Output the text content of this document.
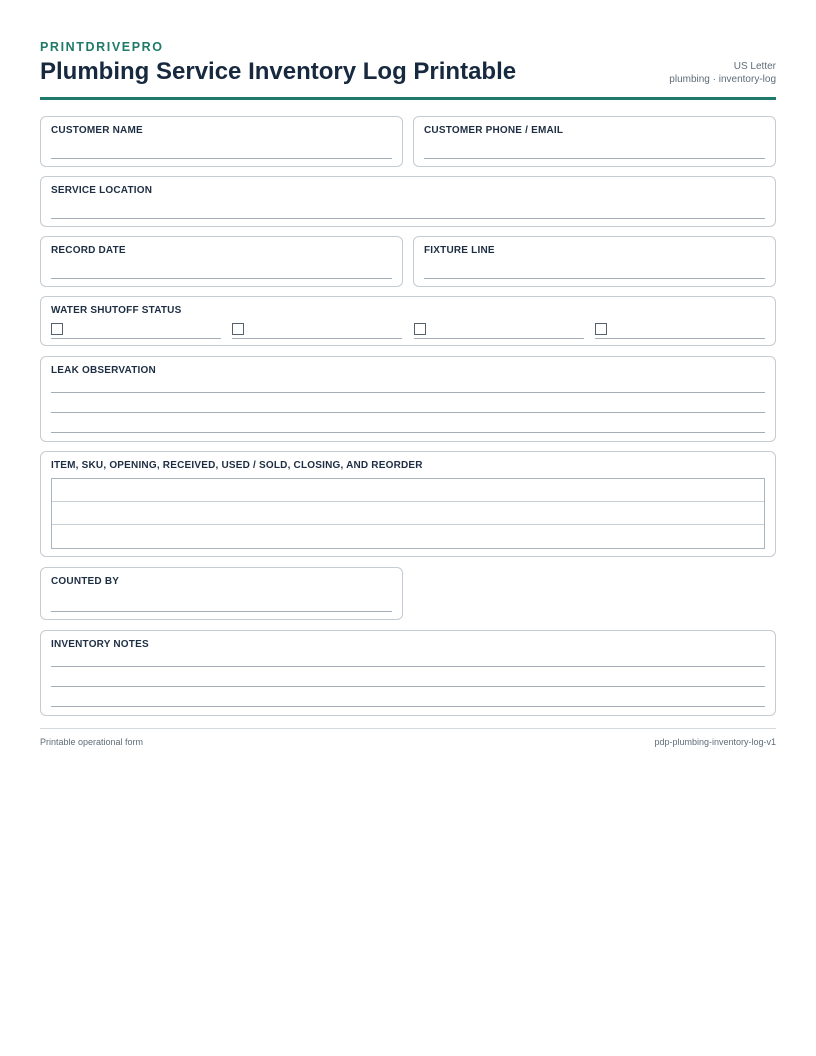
PRINTDRIVEPRO
Plumbing Service Inventory Log Printable	US Letter
plumbing · inventory-log
CUSTOMER NAME	CUSTOMER PHONE / EMAIL
SERVICE LOCATION
RECORD DATE	FIXTURE LINE
WATER SHUTOFF STATUS
LEAK OBSERVATION
ITEM, SKU, OPENING, RECEIVED, USED / SOLD, CLOSING, AND REORDER
COUNTED BY
INVENTORY NOTES
Printable operational form	pdp-plumbing-inventory-log-v1
